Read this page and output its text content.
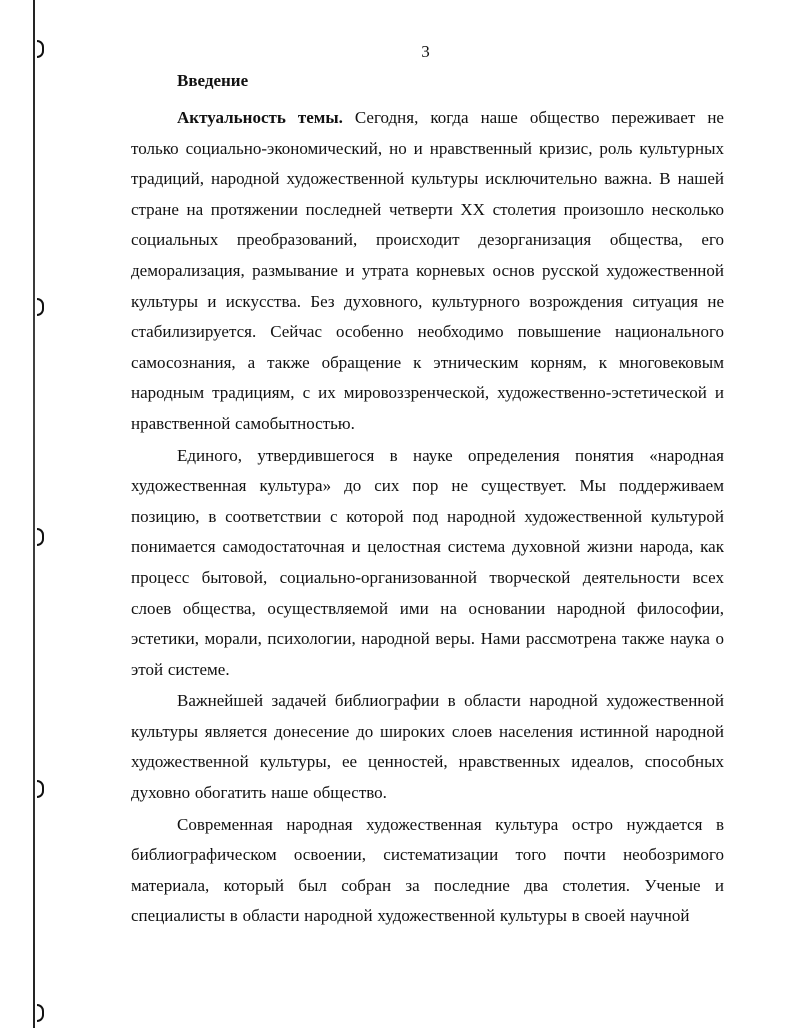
3

Введение

Актуальность темы. Сегодня, когда наше общество переживает не только социально-экономический, но и нравственный кризис, роль культурных традиций, народной художественной культуры исключительно важна. В нашей стране на протяжении последней четверти XX столетия произошло несколько социальных преобразований, происходит дезорганизация общества, его деморализация, размывание и утрата корневых основ русской художественной культуры и искусства. Без духовного, культурного возрождения ситуация не стабилизируется. Сейчас особенно необходимо повышение национального самосознания, а также обращение к этническим корням, к многовековым народным традициям, с их мировоззренческой, художественно-эстетической и нравственной самобытностью.

Единого, утвердившегося в науке определения понятия «народная художественная культура» до сих пор не существует. Мы поддерживаем позицию, в соответствии с которой под народной художественной культурой понимается самодостаточная и целостная система духовной жизни народа, как процесс бытовой, социально-организованной творческой деятельности всех слоев общества, осуществляемой ими на основании народной философии, эстетики, морали, психологии, народной веры. Нами рассмотрена также наука о этой системе.

Важнейшей задачей библиографии в области народной художественной культуры является донесение до широких слоев населения истинной народной художественной культуры, ее ценностей, нравственных идеалов, способных духовно обогатить наше общество.

Современная народная художественная культура остро нуждается в библиографическом освоении, систематизации того почти необозримого материала, который был собран за последние два столетия. Ученые и специалисты в области народной художественной культуры в своей научной
